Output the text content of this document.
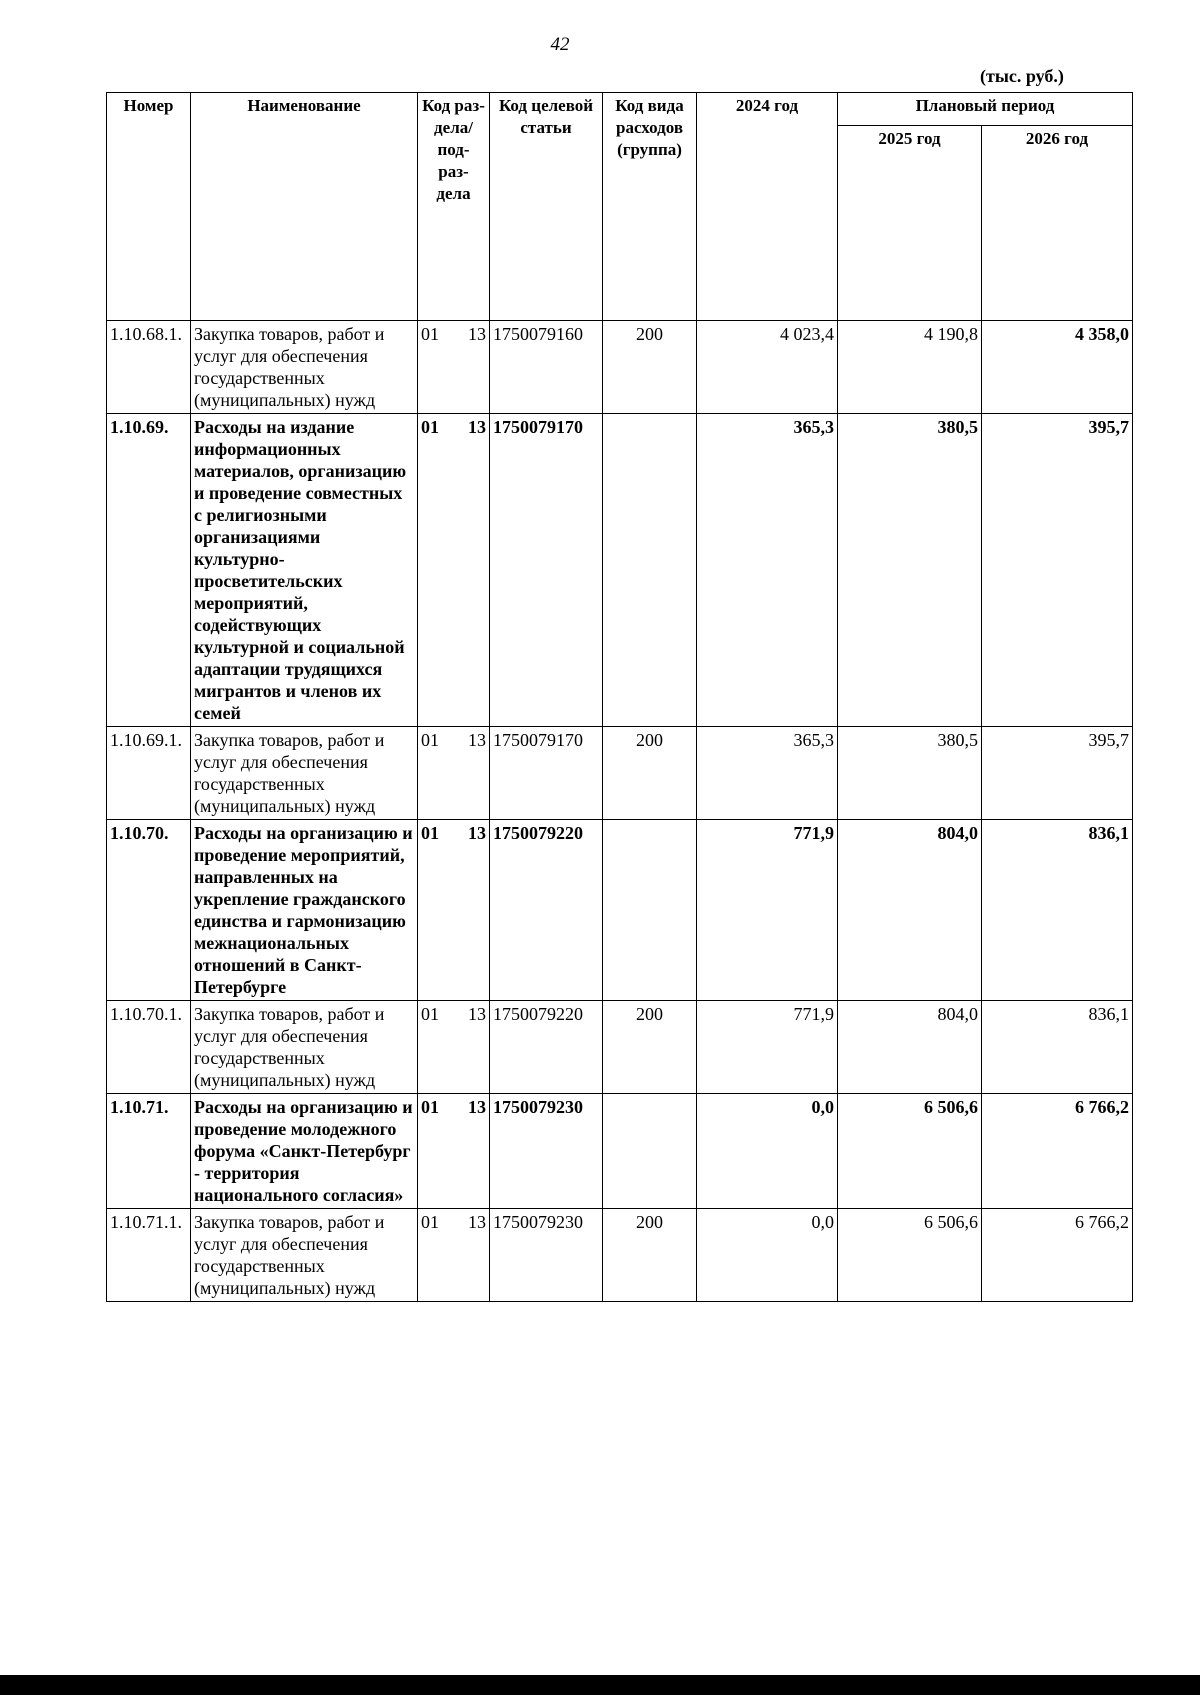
42
(тыс. руб.)
Номер	Наименование	Код раз- дела/ под- раз- дела	Код целевой статьи	Код вида расходов (группа)	2024 год	Плановый период	
						2025 год	2026 год
1.10.68.1.	Закупка товаров, работ и услуг для обеспечения государственных (муниципальных) нужд	01 13	1750079160	200	4 023,4	4 190,8	4 358,0
1.10.69.	Расходы на издание информационных материалов, организацию и проведение совместных с религиозными организациями культурно-просветительских мероприятий, содействующих культурной и социальной адаптации трудящихся мигрантов и членов их семей	01 13	1750079170		365,3	380,5	395,7
1.10.69.1.	Закупка товаров, работ и услуг для обеспечения государственных (муниципальных) нужд	01 13	1750079170	200	365,3	380,5	395,7
1.10.70.	Расходы на организацию и проведение мероприятий, направленных на укрепление гражданского единства и гармонизацию межнациональных отношений в Санкт-Петербурге	01 13	1750079220		771,9	804,0	836,1
1.10.70.1.	Закупка товаров, работ и услуг для обеспечения государственных (муниципальных) нужд	01 13	1750079220	200	771,9	804,0	836,1
1.10.71.	Расходы на организацию и проведение молодежного форума «Санкт-Петербург - территория национального согласия»	01 13	1750079230		0,0	6 506,6	6 766,2
1.10.71.1.	Закупка товаров, работ и услуг для обеспечения государственных (муниципальных) нужд	01 13	1750079230	200	0,0	6 506,6	6 766,2
